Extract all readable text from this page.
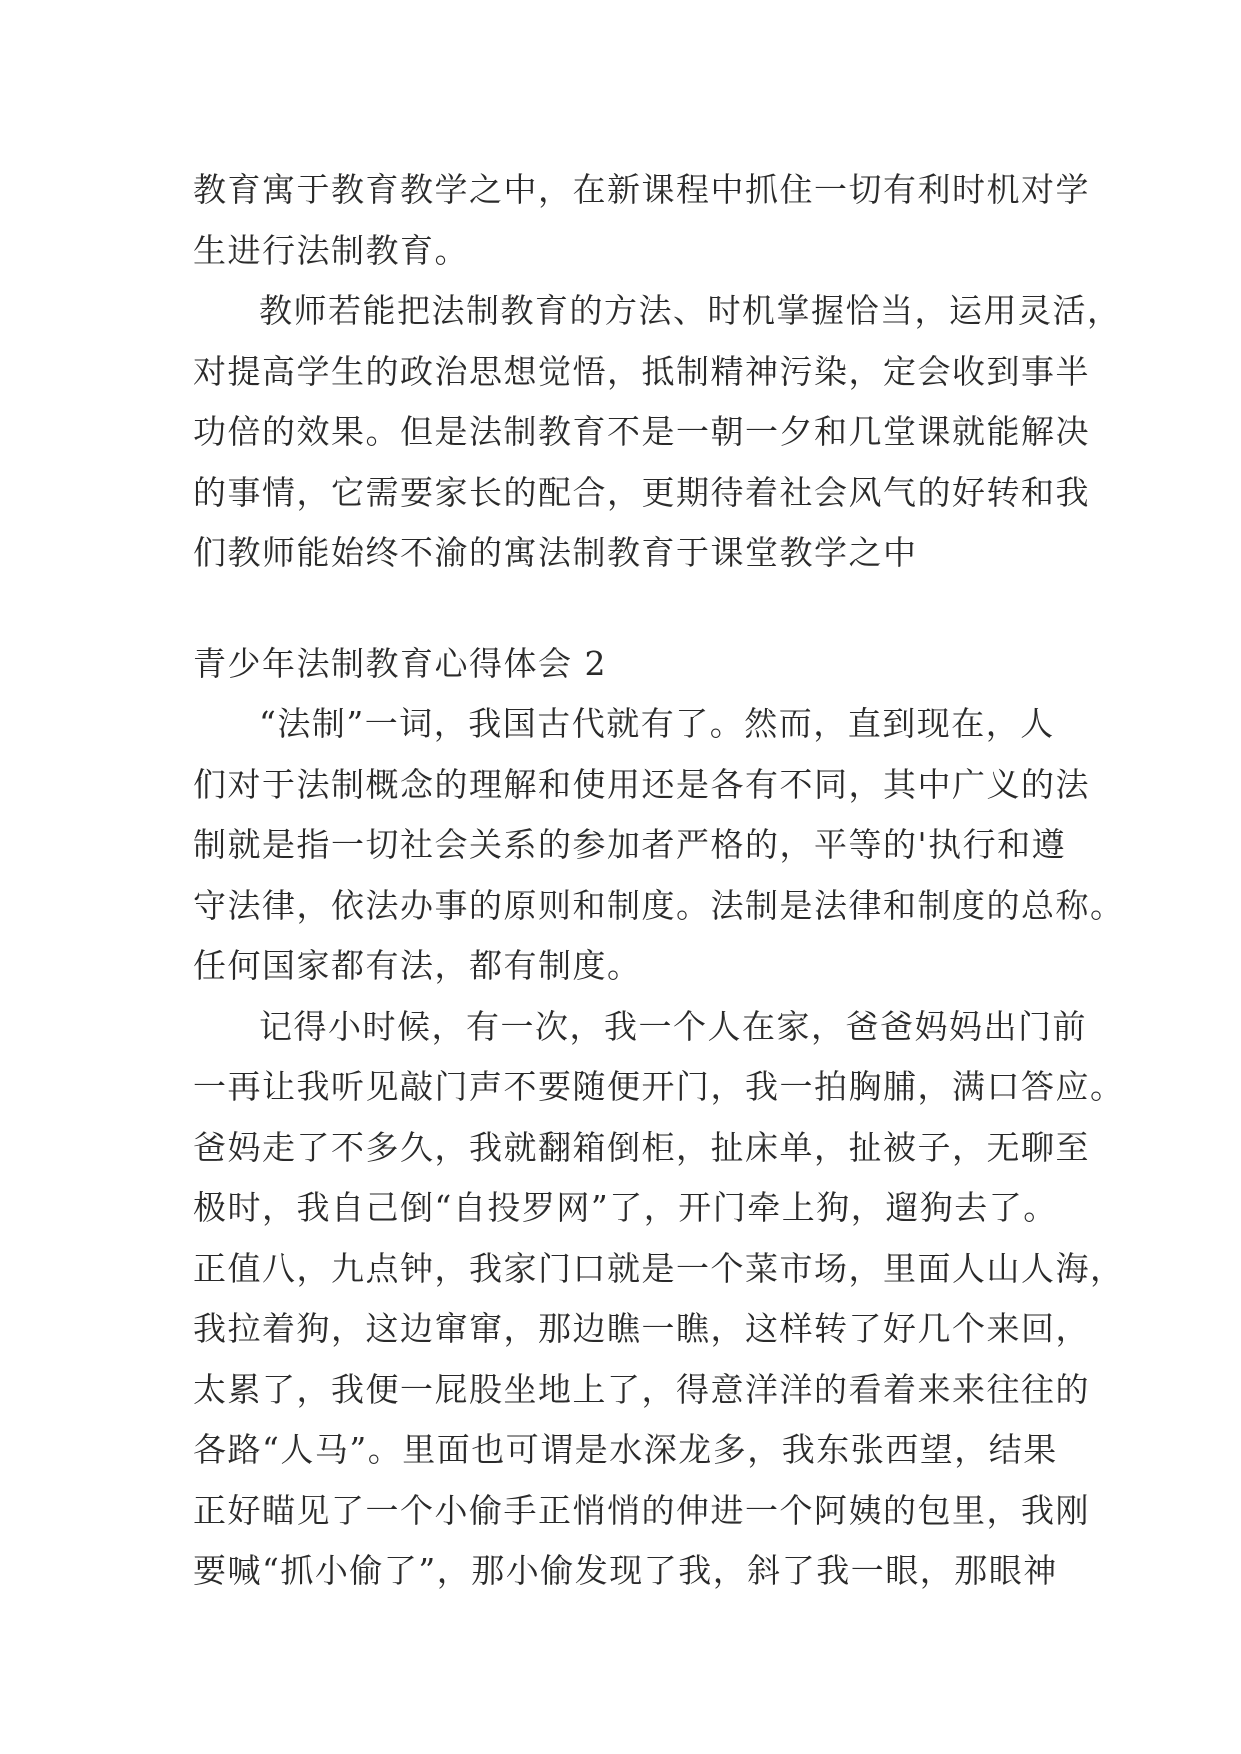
教育寓于教育教学之中，在新课程中抓住一切有利时机对学
生进行法制教育。
教师若能把法制教育的方法、时机掌握恰当，运用灵活，
对提高学生的政治思想觉悟，抵制精神污染，定会收到事半
功倍的效果。但是法制教育不是一朝一夕和几堂课就能解决
的事情，它需要家长的配合，更期待着社会风气的好转和我
们教师能始终不渝的寓法制教育于课堂教学之中
青少年法制教育心得体会 2
“法制”一词，我国古代就有了。然而，直到现在，人
们对于法制概念的理解和使用还是各有不同，其中广义的法
制就是指一切社会关系的参加者严格的，平等的'执行和遵
守法律，依法办事的原则和制度。法制是法律和制度的总称。
任何国家都有法，都有制度。
记得小时候，有一次，我一个人在家，爸爸妈妈出门前
一再让我听见敲门声不要随便开门，我一拍胸脯，满口答应。
爸妈走了不多久，我就翻箱倒柜，扯床单，扯被子，无聊至
极时，我自己倒“自投罗网”了，开门牵上狗，遛狗去了。
正值八，九点钟，我家门口就是一个菜市场，里面人山人海，
我拉着狗，这边窜窜，那边瞧一瞧，这样转了好几个来回，
太累了，我便一屁股坐地上了，得意洋洋的看着来来往往的
各路“人马”。里面也可谓是水深龙多，我东张西望，结果
正好瞄见了一个小偷手正悄悄的伸进一个阿姨的包里，我刚
要喊“抓小偷了”，那小偷发现了我，斜了我一眼，那眼神
